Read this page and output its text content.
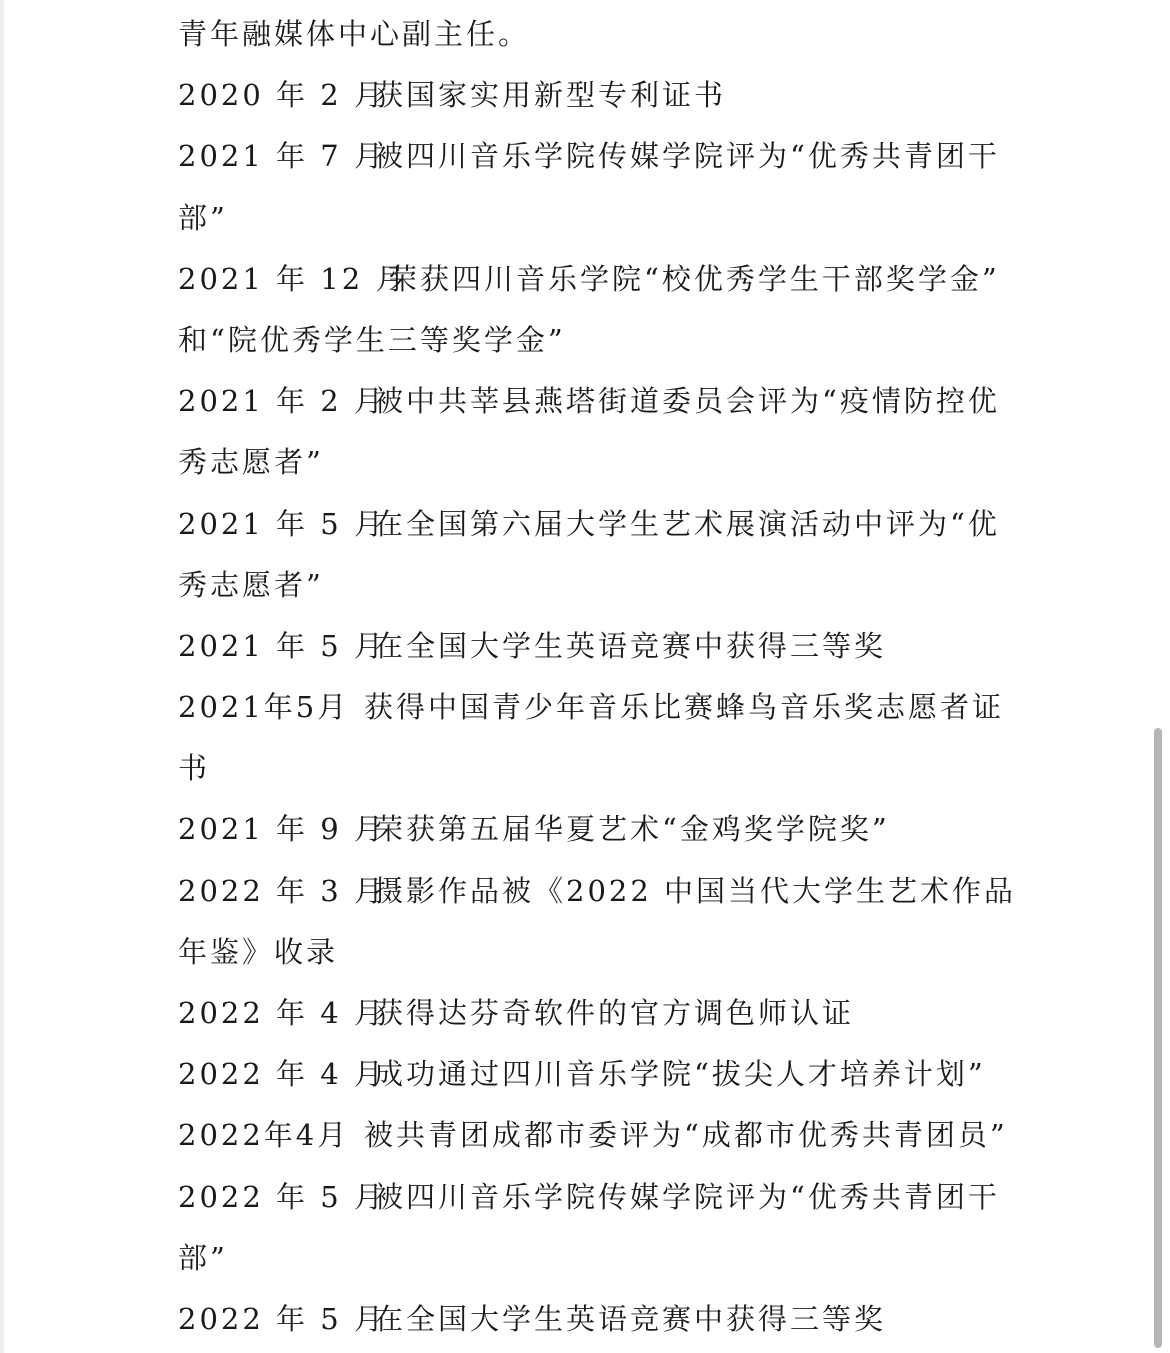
青年融媒体中心副主任。
2020 年 2 月获国家实用新型专利证书
2021 年 7 月被四川音乐学院传媒学院评为“优秀共青团干
部”
2021 年 12 月荣获四川音乐学院“校优秀学生干部奖学金”
和“院优秀学生三等奖学金”
2021 年 2 月被中共莘县燕塔街道委员会评为“疫情防控优
秀志愿者”
2021 年 5 月在全国第六届大学生艺术展演活动中评为“优
秀志愿者”
2021 年 5 月在全国大学生英语竞赛中获得三等奖
2021年5月 获得中国青少年音乐比赛蜂鸟音乐奖志愿者证
书
2021 年 9 月荣获第五届华夏艺术“金鸡奖学院奖”
2022 年 3 月摄影作品被《2022 中国当代大学生艺术作品
年鉴》收录
2022 年 4 月获得达芬奇软件的官方调色师认证
2022 年 4 月成功通过四川音乐学院“拔尖人才培养计划”
2022年4月 被共青团成都市委评为“成都市优秀共青团员”
2022 年 5 月被四川音乐学院传媒学院评为“优秀共青团干
部”
2022 年 5 月在全国大学生英语竞赛中获得三等奖
